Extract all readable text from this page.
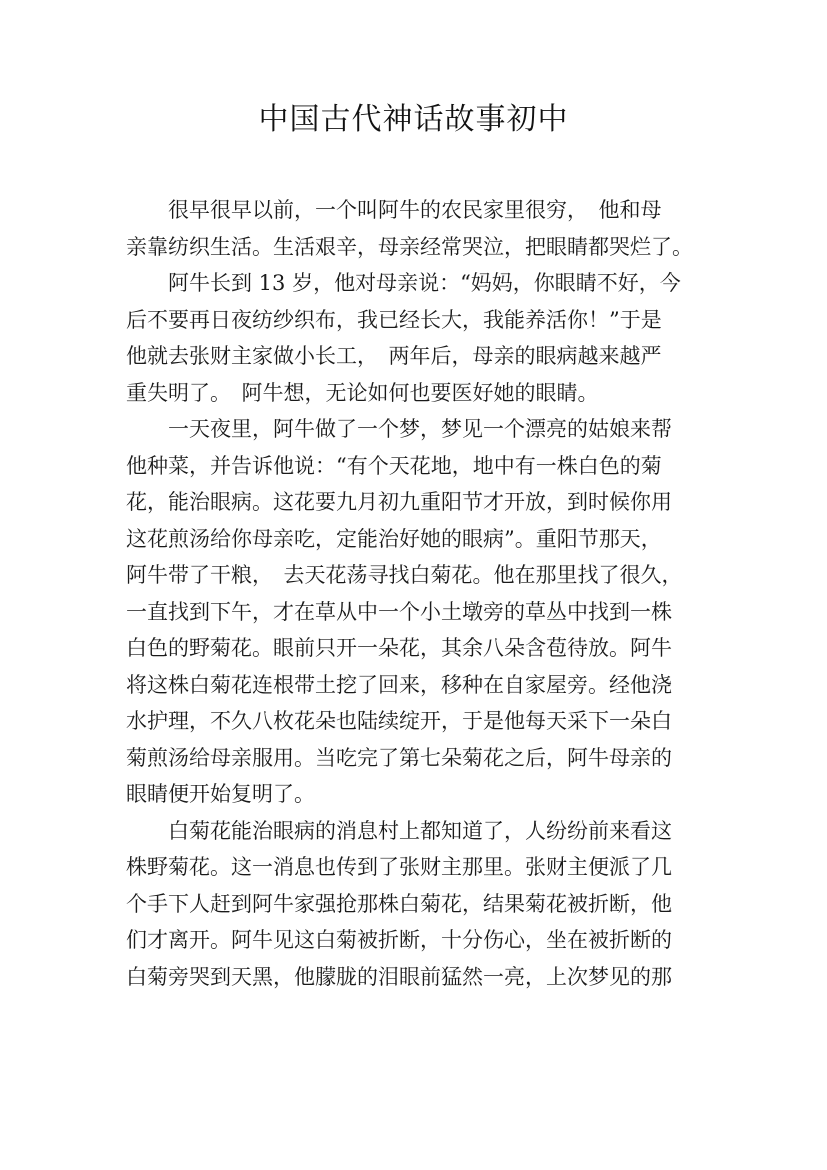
中国古代神话故事初中
　　很早很早以前，一个叫阿牛的农民家里很穷，　他和母
亲靠纺织生活。生活艰辛，母亲经常哭泣，把眼睛都哭烂了。
　　阿牛长到 13 岁，他对母亲说：“妈妈，你眼睛不好，今
后不要再日夜纺纱织布，我已经长大，我能养活你！”于是
他就去张财主家做小长工，　两年后，母亲的眼病越来越严
重失明了。　阿牛想，无论如何也要医好她的眼睛。
　　一天夜里，阿牛做了一个梦，梦见一个漂亮的姑娘来帮
他种菜，并告诉他说：“有个天花地，地中有一株白色的菊
花，能治眼病。这花要九月初九重阳节才开放，到时候你用
这花煎汤给你母亲吃，定能治好她的眼病”。重阳节那天，
阿牛带了干粮，　去天花荡寻找白菊花。他在那里找了很久，
一直找到下午，才在草从中一个小土墩旁的草丛中找到一株
白色的野菊花。眼前只开一朵花，其余八朵含苞待放。阿牛
将这株白菊花连根带土挖了回来，移种在自家屋旁。经他浇
水护理，不久八枚花朵也陆续绽开，于是他每天采下一朵白
菊煎汤给母亲服用。当吃完了第七朵菊花之后，阿牛母亲的
眼睛便开始复明了。
　　白菊花能治眼病的消息村上都知道了，人纷纷前来看这
株野菊花。这一消息也传到了张财主那里。张财主便派了几
个手下人赶到阿牛家强抢那株白菊花，结果菊花被折断，他
们才离开。阿牛见这白菊被折断，十分伤心，坐在被折断的
白菊旁哭到天黑，他朦胧的泪眼前猛然一亮，上次梦见的那
